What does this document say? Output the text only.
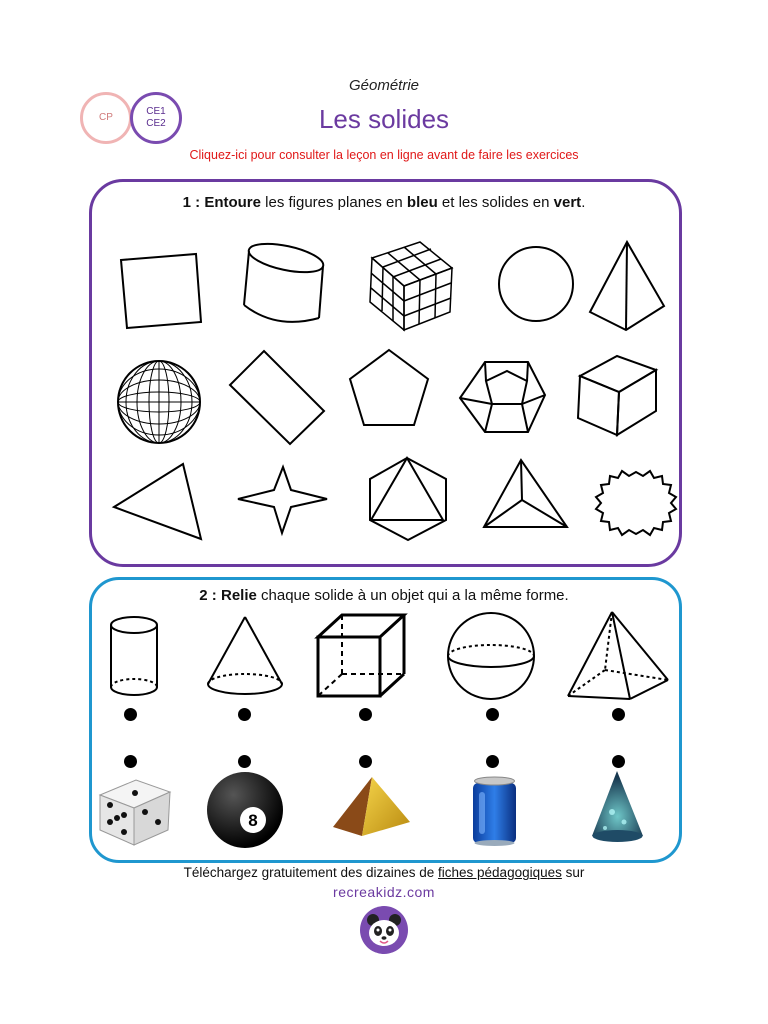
Géométrie
CP
CE1
CE2	Les solides
Cliquez-ici pour consulter la leçon en ligne avant de faire les exercices
1 : Entoure les figures planes en bleu et les solides en vert.
2 : Relie chaque solide à un objet qui a la même forme.
8
Téléchargez gratuitement des dizaines de fiches pédagogiques sur
recreakidz.com
